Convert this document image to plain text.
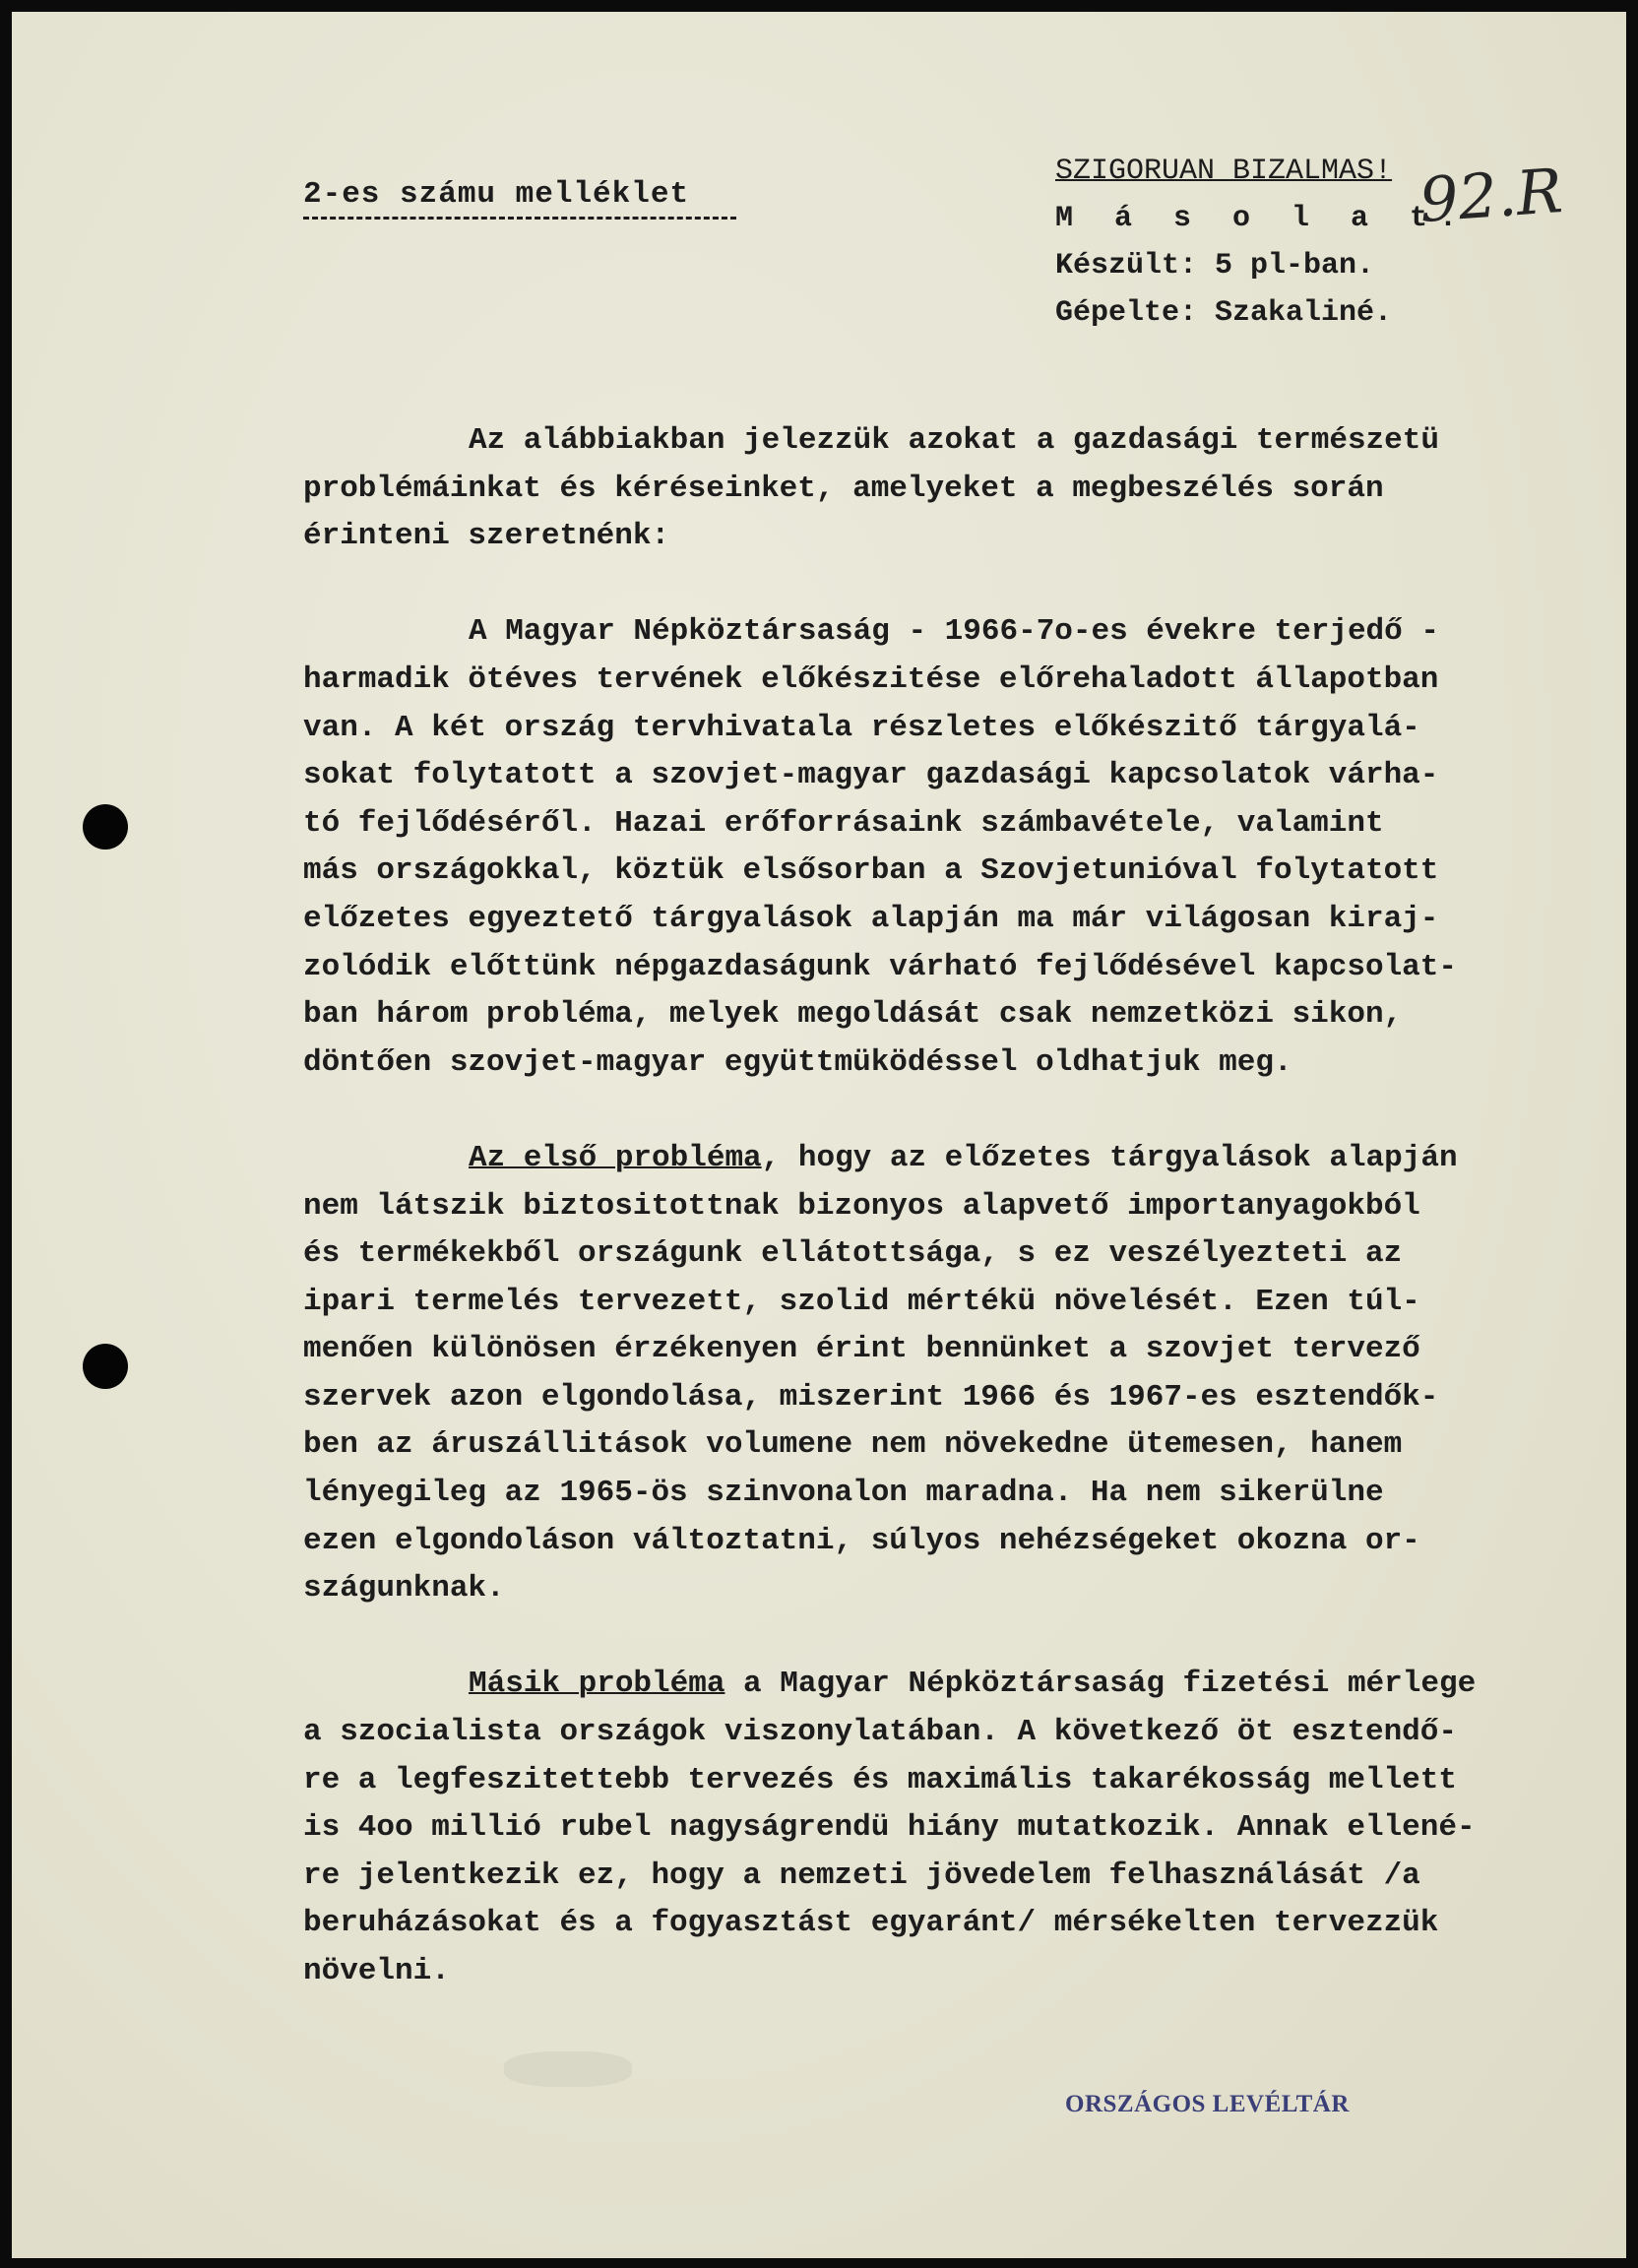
2-es számu melléklet
SZIGORUAN BIZALMAS!
M á s o l a t.
Készült: 5 pl-ban.
Gépelte: Szakaliné.
92.R

Az alábbiakban jelezzük azokat a gazdasági természetü
problémáinkat és kéréseinket, amelyeket a megbeszélés során
érinteni szeretnénk:

A Magyar Népköztársaság - 1966-7o-es évekre terjedő -
harmadik ötéves tervének előkészitése előrehaladott állapotban
van. A két ország tervhivatala részletes előkészitő tárgyalá-
sokat folytatott a szovjet-magyar gazdasági kapcsolatok várha-
tó fejlődéséről. Hazai erőforrásaink számbavétele, valamint
más országokkal, köztük elsősorban a Szovjetunióval folytatott
előzetes egyeztető tárgyalások alapján ma már világosan kiraj-
zolódik előttünk népgazdaságunk várható fejlődésével kapcsolat-
ban három probléma, melyek megoldását csak nemzetközi sikon,
döntően szovjet-magyar együttmüködéssel oldhatjuk meg.

Az első probléma, hogy az előzetes tárgyalások alapján
nem látszik biztositottnak bizonyos alapvető importanyagokból
és termékekből országunk ellátottsága, s ez veszélyezteti az
ipari termelés tervezett, szolid mértékü növelését. Ezen túl-
menően különösen érzékenyen érint bennünket a szovjet tervező
szervek azon elgondolása, miszerint 1966 és 1967-es esztendők-
ben az áruszállitások volumene nem növekedne ütemesen, hanem
lényegileg az 1965-ös szinvonalon maradna. Ha nem sikerülne
ezen elgondoláson változtatni, súlyos nehézségeket okozna or-
szágunknak.

Másik probléma a Magyar Népköztársaság fizetési mérlege
a szocialista országok viszonylatában. A következő öt esztendő-
re a legfeszitettebb tervezés és maximális takarékosság mellett
is 4oo millió rubel nagyságrendü hiány mutatkozik. Annak ellené-
re jelentkezik ez, hogy a nemzeti jövedelem felhasználását /a
beruházásokat és a fogyasztást egyaránt/ mérsékelten tervezzük
növelni.

ORSZÁGOS LEVÉLTÁR
